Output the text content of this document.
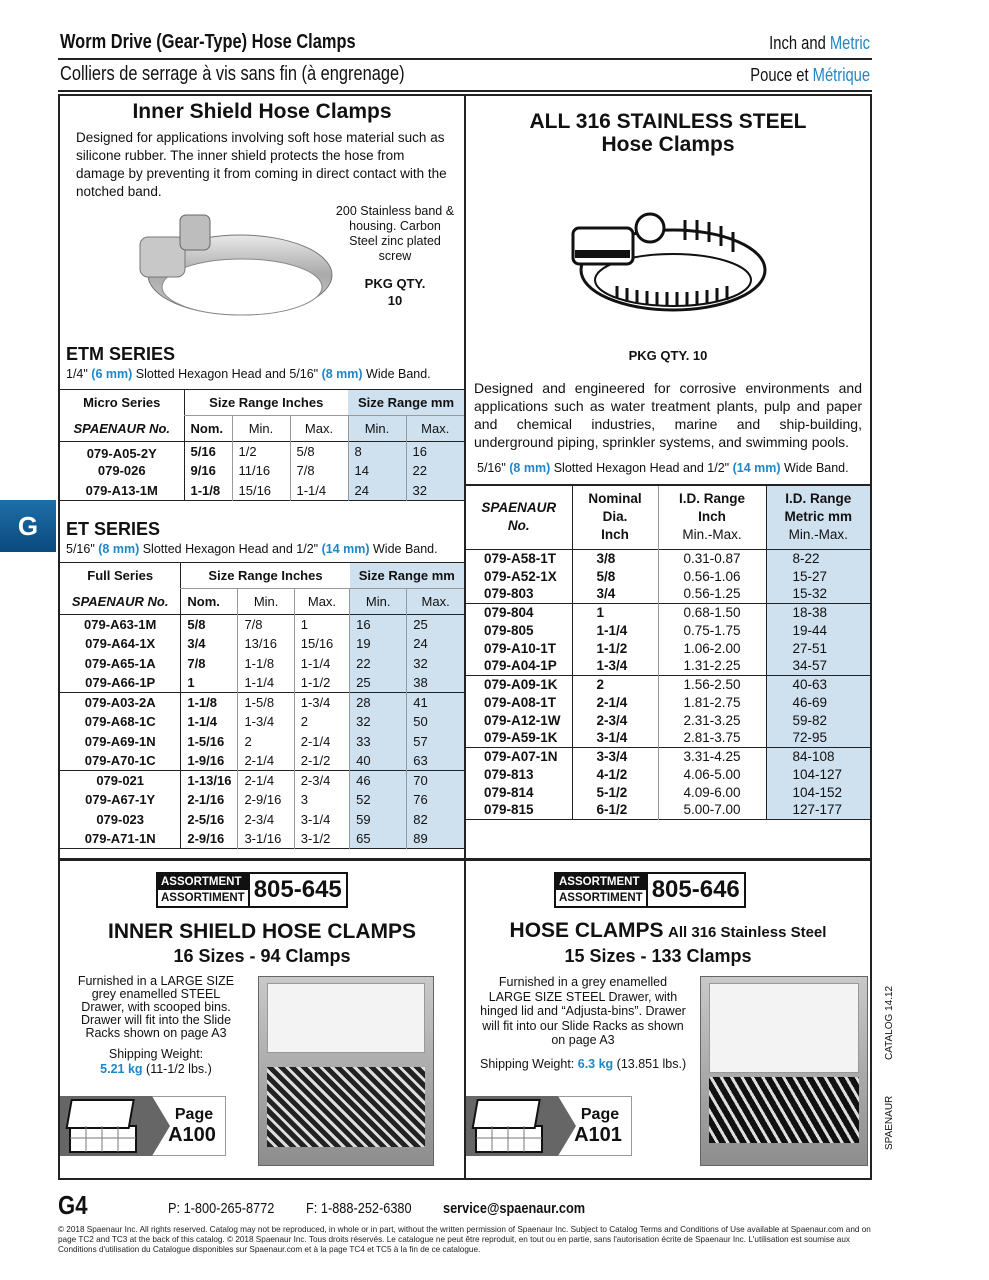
Worm Drive (Gear-Type) Hose Clamps	Inch and Metric
Colliers de serrage à vis sans fin (à engrenage)	Pouce et Métrique
G
Inner Shield Hose Clamps
Designed for applications involving soft hose material such as silicone rubber. The inner shield protects the hose from damage by preventing it from coming in direct contact with the notched band.
200 Stainless band & housing. Carbon Steel zinc plated screw
PKG QTY.
10
ETM SERIES
1/4" (6 mm) Slotted Hexagon Head and 5/16" (8 mm) Wide Band.
Micro Series	Size Range Inches			Size Range mm	
SPAENAUR No.	Nom.	Min.	Max.	Min.	Max.
079-A05-2Y	5/16	1/2	5/8	8	16
079-026	9/16	11/16	7/8	14	22
079-A13-1M	1-1/8	15/16	1-1/4	24	32
ET SERIES
5/16" (8 mm) Slotted Hexagon Head and 1/2" (14 mm) Wide Band.
Full Series	Size Range Inches			Size Range mm	
SPAENAUR No.	Nom.	Min.	Max.	Min.	Max.
079-A63-1M	5/8	7/8	1	16	25
079-A64-1X	3/4	13/16	15/16	19	24
079-A65-1A	7/8	1-1/8	1-1/4	22	32
079-A66-1P	1	1-1/4	1-1/2	25	38
079-A03-2A	1-1/8	1-5/8	1-3/4	28	41
079-A68-1C	1-1/4	1-3/4	2	32	50
079-A69-1N	1-5/16	2	2-1/4	33	57
079-A70-1C	1-9/16	2-1/4	2-1/2	40	63
079-021	1-13/16	2-1/4	2-3/4	46	70
079-A67-1Y	2-1/16	2-9/16	3	52	76
079-023	2-5/16	2-3/4	3-1/4	59	82
079-A71-1N	2-9/16	3-1/16	3-1/2	65	89
ALL 316 STAINLESS STEEL
Hose Clamps
PKG QTY. 10
Designed and engineered for corrosive environments and applications such as water treatment plants, pulp and paper and chemical industries, marine and ship-building, underground piping, sprinkler systems, and swimming pools.
5/16" (8 mm) Slotted Hexagon Head and 1/2" (14 mm) Wide Band.
SPAENAUR
No.

Nominal
Dia.
Inch

I.D. Range
Inch
Min.-Max.

I.D. Range
Metric mm
Min.-Max.

079-A58-1T	3/8	0.31-0.87	8-22
079-A52-1X	5/8	0.56-1.06	15-27
079-803	3/4	0.56-1.25	15-32
079-804	1	0.68-1.50	18-38
079-805	1-1/4	0.75-1.75	19-44
079-A10-1T	1-1/2	1.06-2.00	27-51
079-A04-1P	1-3/4	1.31-2.25	34-57
079-A09-1K	2	1.56-2.50	40-63
079-A08-1T	2-1/4	1.81-2.75	46-69
079-A12-1W	2-3/4	2.31-3.25	59-82
079-A59-1K	3-1/4	2.81-3.75	72-95
079-A07-1N	3-3/4	3.31-4.25	84-108
079-813	4-1/2	4.06-5.00	104-127
079-814	5-1/2	4.09-6.00	104-152
079-815	6-1/2	5.00-7.00	127-177
ASSORTMENT
ASSORTIMENT 805-645
INNER SHIELD HOSE CLAMPS
16 Sizes - 94 Clamps
Furnished in a LARGE SIZE grey enamelled STEEL Drawer, with scooped bins. Drawer will fit into the Slide Racks shown on page A3
Shipping Weight:
5.21 kg (11-1/2 lbs.)
Page
A100
ASSORTMENT
ASSORTIMENT 805-646
HOSE CLAMPS All 316 Stainless Steel
15 Sizes - 133 Clamps
Furnished in a grey enamelled LARGE SIZE STEEL Drawer, with hinged lid and “Adjusta-bins”. Drawer will fit into our Slide Racks as shown on page A3
Shipping Weight: 6.3 kg (13.851 lbs.)
Page
A101
CATALOG 14.12
SPAENAUR
G4	P: 1-800-265-8772 F: 1-888-252-6380 service@spaenaur.com
© 2018 Spaenaur Inc. All rights reserved. Catalog may not be reproduced, in whole or in part, without the written permission of Spaenaur Inc. Subject to Catalog Terms and Conditions of Use available at Spaenaur.com and on page TC2 and TC3 at the back of this catalog. © 2018 Spaenaur Inc. Tous droits réservés. Le catalogue ne peut être reproduit, en tout ou en partie, sans l'autorisation écrite de Spaenaur Inc. L'utilisation est soumise aux Conditions d'utilisation du Catalogue disponibles sur Spaenaur.com et à la page TC4 et TC5 à la fin de ce catalogue.
